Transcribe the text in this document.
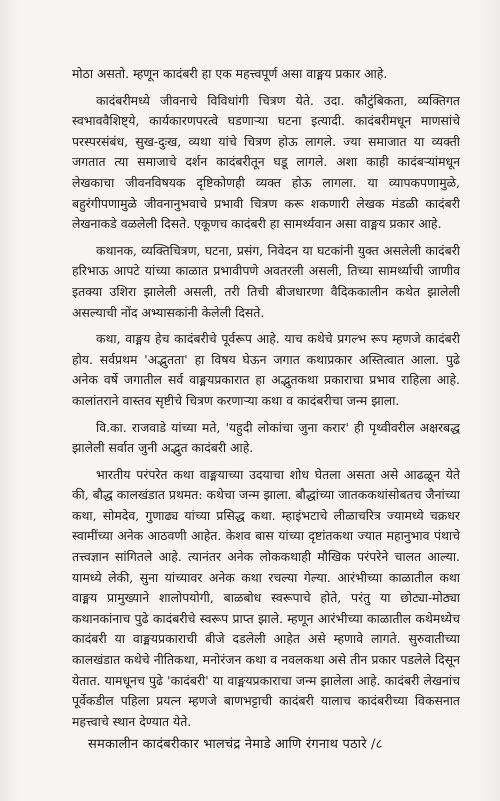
मोठा असतो. म्हणून कादंबरी हा एक महत्त्वपूर्ण असा वाङ्मय प्रकार आहे.

कादंबरीमध्ये जीवनाचे विविधांगी चित्रण येते. उदा. कौटुंबिकता, व्यक्तिगत स्वभाववैशिष्ट्ये, कार्यकारणपरत्वे घडणाऱ्या घटना इत्यादी. कादंबरीमधून माणसांचे परस्परसंबंध, सुख-दुःख, व्यथा यांचे चित्रण होऊ लागले. ज्या समाजात या व्यक्ती जगतात त्या समाजाचे दर्शन कादंबरीतून घडू लागले. अशा काही कादंबऱ्यांमधून लेखकाचा जीवनविषयक दृष्टिकोणही व्यक्त होऊ लागला. या व्यापकपणामुळे, बहुरंगीपणामुळे जीवनानुभवाचे प्रभावी चित्रण करू शकणारी लेखक मंडळी कादंबरी लेखनाकडे वळलेली दिसते. एकूणच कादंबरी हा सामर्थ्यवान असा वाङ्मय प्रकार आहे.

कथानक, व्यक्तिचित्रण, घटना, प्रसंग, निवेदन या घटकांनी युक्त असलेली कादंबरी हरिभाऊ आपटे यांच्या काळात प्रभावीपणे अवतरली असली, तिच्या सामर्थ्याची जाणीव इतक्या उशिरा झालेली असली, तरी तिची बीजधारणा वैदिककालीन कथेत झालेली असल्याची नोंद अभ्यासकांनी केलेली दिसते.

कथा, वाङ्मय हेच कादंबरीचे पूर्वरूप आहे. याच कथेचे प्रगल्भ रूप म्हणजे कादंबरी होय. सर्वप्रथम 'अद्भुतता' हा विषय घेऊन जगात कथाप्रकार अस्तित्वात आला. पुढे अनेक वर्षे जगातील सर्व वाङ्मयप्रकारात हा अद्भुतकथा प्रकाराचा प्रभाव राहिला आहे. कालांतराने वास्तव सृष्टीचे चित्रण करणाऱ्या कथा व कादंबरीचा जन्म झाला.

वि.का. राजवाडे यांच्या मते, 'यहुदी लोकांचा जुना करार' ही पृथ्वीवरील अक्षरबद्ध झालेली सर्वात जुनी अद्भुत कादंबरी आहे.

भारतीय परंपरेत कथा वाङ्मयाच्या उदयाचा शोध घेतला असता असे आढळून येते की, बौद्ध कालखंडात प्रथमत: कथेचा जन्म झाला. बौद्धांच्या जातककथांसोबतच जैनांच्या कथा, सोमदेव, गुणाढ्य यांच्या प्रसिद्ध कथा. म्हाइंभटाचे लीळाचरित्र ज्यामध्ये चक्रधर स्वामींच्या अनेक आठवणी आहेत. केशव बास यांच्या दृष्टांतकथा ज्यात महानुभाव पंथाचे तत्त्वज्ञान सांगितले आहे. त्यानंतर अनेक लोककथाही मौखिक परंपरेने चालत आल्या. यामध्ये लेकी, सुना यांच्यावर अनेक कथा रचल्या गेल्या. आरंभीच्या काळातील कथा वाङ्मय प्रामुख्याने शालोपयोगी, बाळबोध स्वरूपाचे होते, परंतु या छोट्या-मोठ्या कथानकांनाच पुढे कादंबरीचे स्वरूप प्राप्त झाले. म्हणून आरंभीच्या काळातील कथेमध्येच कादंबरी या वाङ्मयप्रकाराची बीजे दडलेली आहेत असे म्हणावे लागते. सुरुवातीच्या कालखंडात कथेचे नीतिकथा, मनोरंजन कथा व नवलकथा असे तीन प्रकार पडलेले दिसून येतात. यामधूनच पुढे 'कादंबरी' या वाङ्मयप्रकाराचा जन्म झालेला आहे. कादंबरी लेखनांच पूर्वेकडील पहिला प्रयत्न म्हणजे बाणभट्टाची कादंबरी यालाच कादंबरीच्या विकसनात महत्त्वाचे स्थान देण्यात येते.

समकालीन कादंबरीकार भालचंद्र नेमाडे आणि रंगनाथ पठारे /८
